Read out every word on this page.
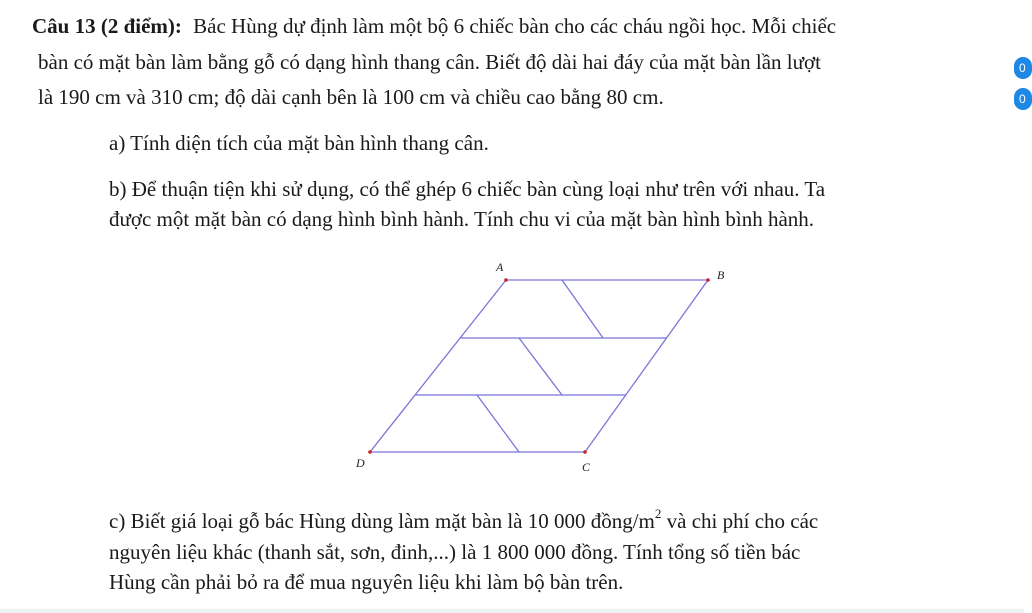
Câu 13 (2 điểm): Bác Hùng dự định làm một bộ 6 chiếc bàn cho các cháu ngồi học. Mỗi chiếc
bàn có mặt bàn làm bằng gỗ có dạng hình thang cân. Biết độ dài hai đáy của mặt bàn lần lượt
là 190 cm và 310 cm; độ dài cạnh bên là 100 cm và chiều cao bằng 80 cm.
a) Tính diện tích của mặt bàn hình thang cân.
b) Để thuận tiện khi sử dụng, có thể ghép 6 chiếc bàn cùng loại như trên với nhau. Ta
được một mặt bàn có dạng hình bình hành. Tính chu vi của mặt bàn hình bình hành.
c) Biết giá loại gỗ bác Hùng dùng làm mặt bàn là 10 000 đồng/$m^2$ và chi phí cho các
nguyên liệu khác (thanh sắt, sơn, đinh,...) là 1 800 000 đồng. Tính tổng số tiền bác
Hùng cần phải bỏ ra để mua nguyên liệu khi làm bộ bàn trên.
0
0
A
B
C
D
